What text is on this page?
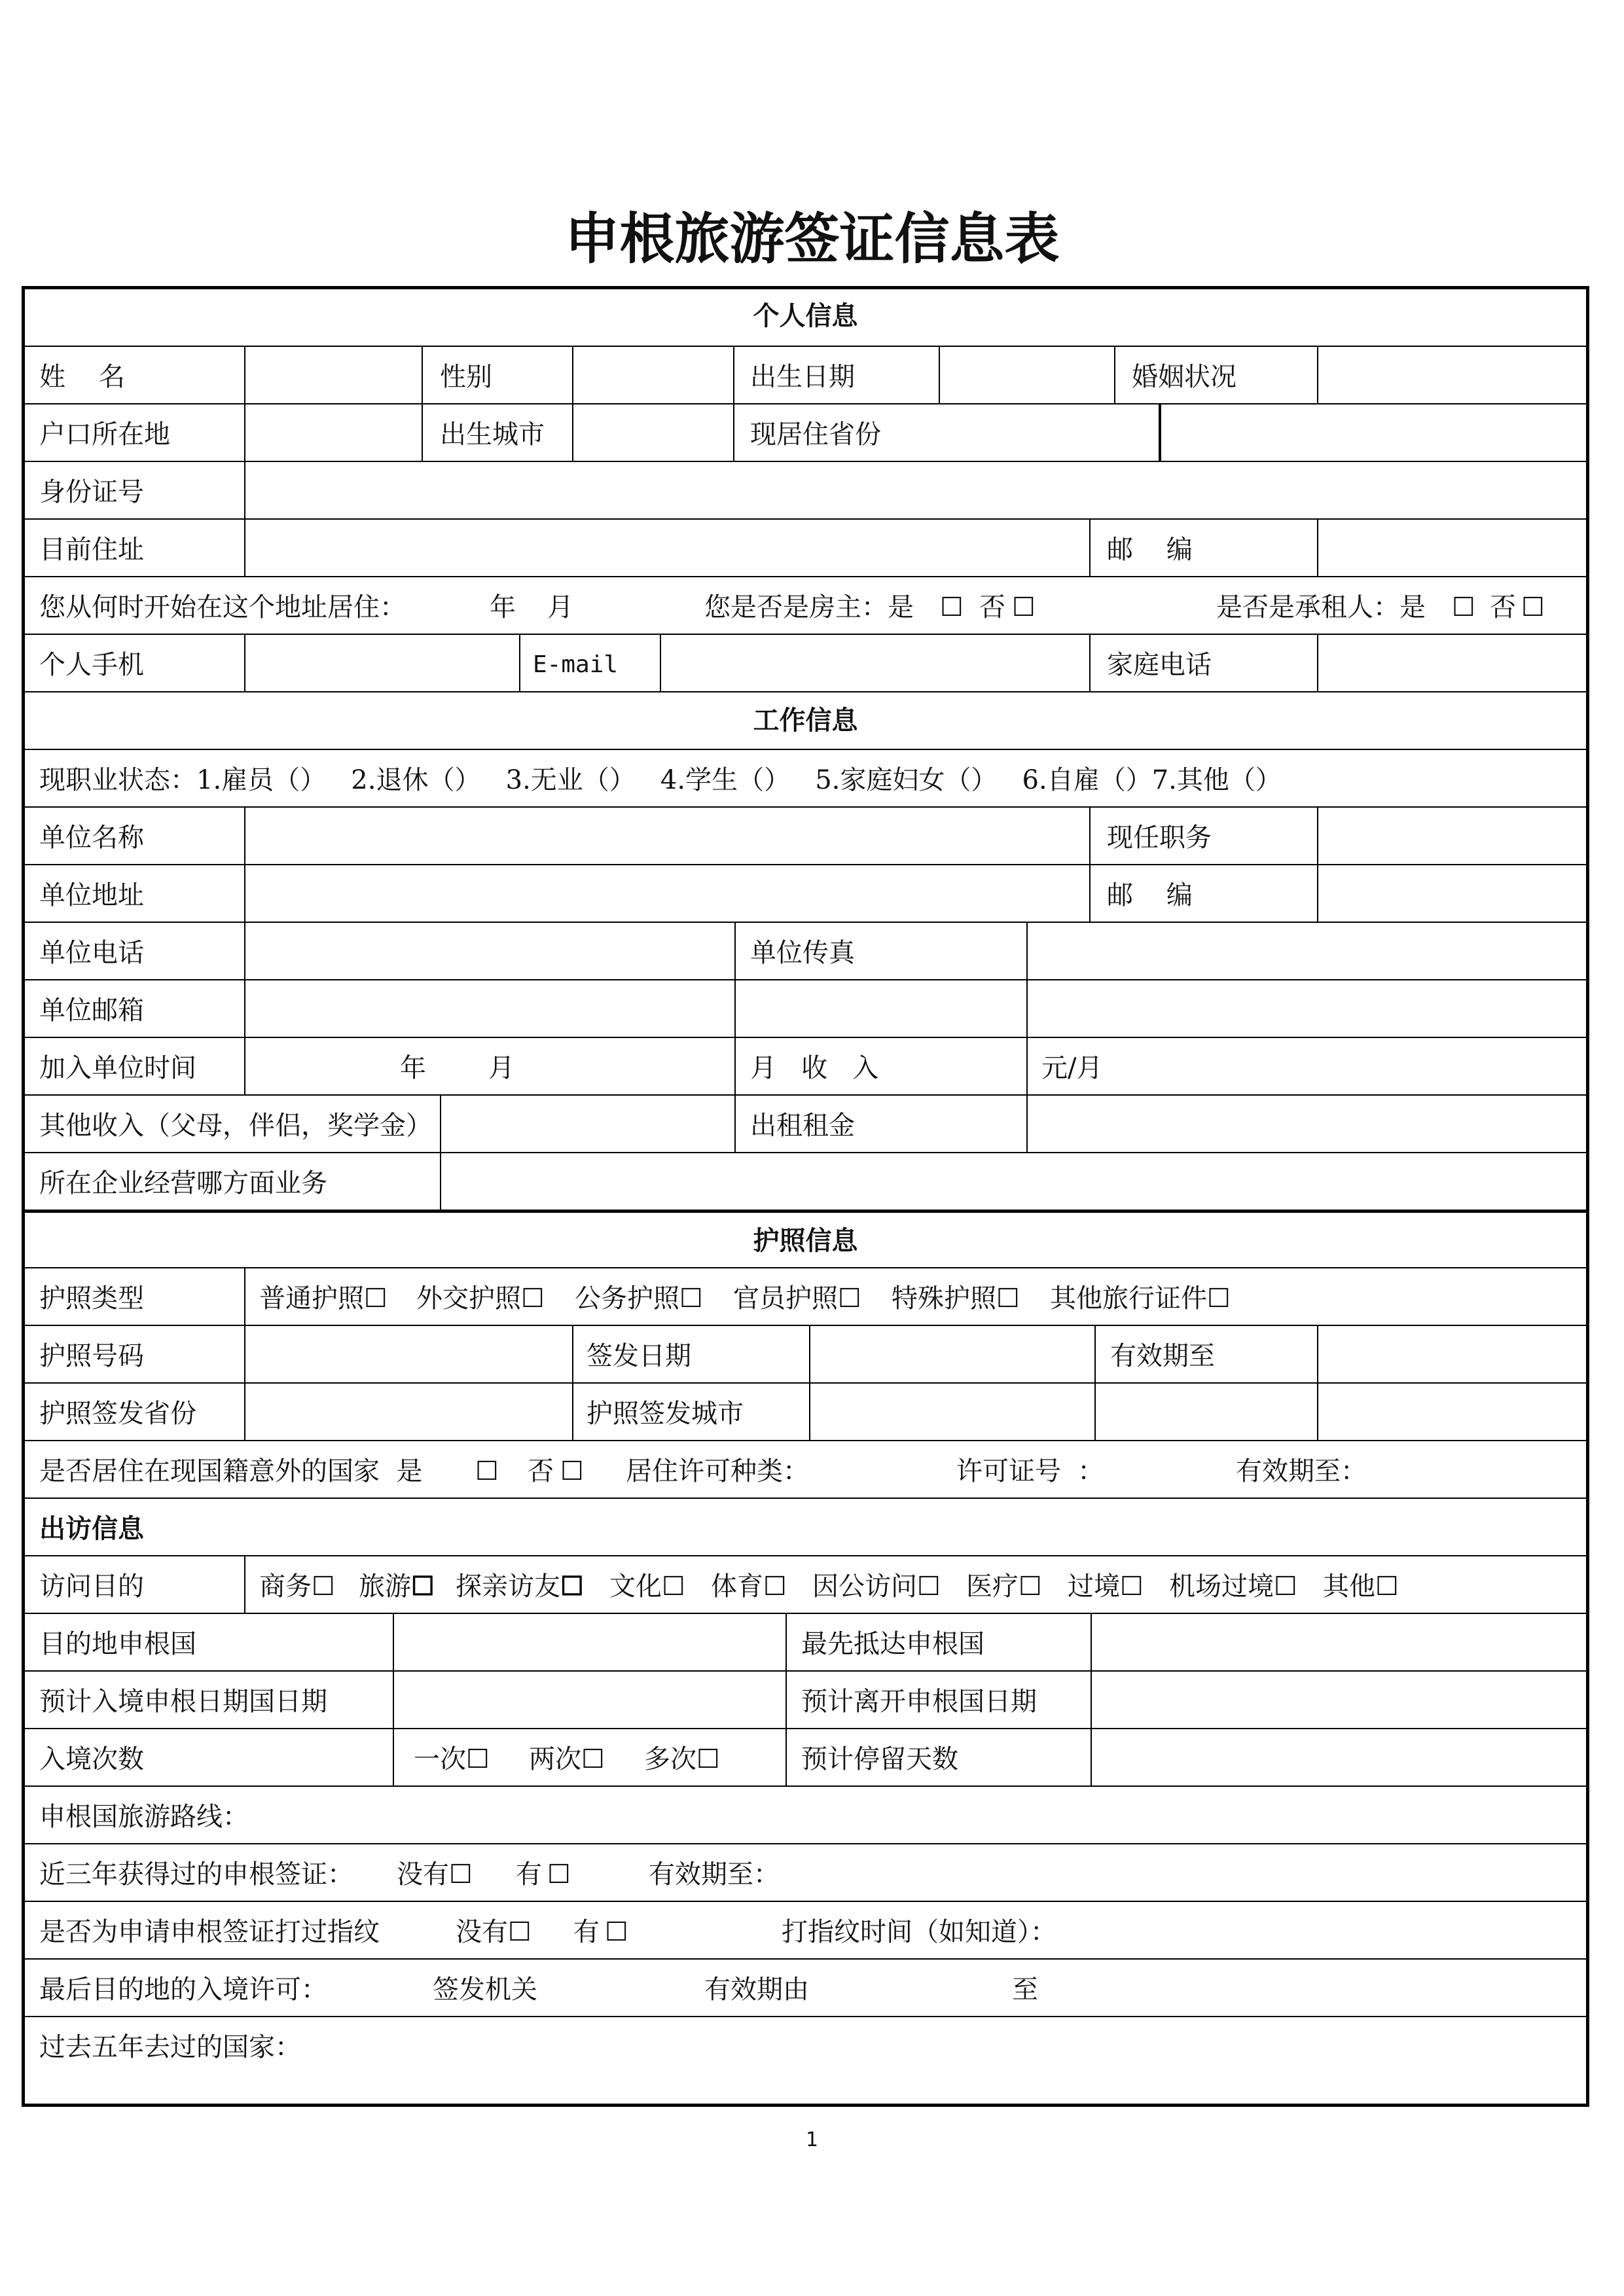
申根旅游签证信息表
个人信息
姓    名	性别	出生日期	婚姻状况
户口所在地	出生城市	现居住省份
身份证号
目前住址	邮    编
您从何时开始在这个地址居住：	年 月	您是否是房主：是 ☐ 否 ☐	是否是承租人：是 ☐ 否 ☐
个人手机	E-mail	家庭电话
工作信息
现职业状态：1.雇员（）   2.退休（）   3.无业（）   4.学生（）   5.家庭妇女（）   6.自雇（）7.其他（）
单位名称	现任职务
单位地址	邮    编
单位电话	单位传真
单位邮箱
加入单位时间	年 月	月   收   入	元/月
其他收入（父母，伴侣，奖学金）	出租租金
所在企业经营哪方面业务
护照信息
护照类型	普通护照 ☐ 外交护照 ☐ 公务护照 ☐ 官员护照 ☐ 特殊护照 ☐ 其他旅行证件 ☐
护照号码	签发日期	有效期至
护照签发省份	护照签发城市
是否居住在现国籍意外的国家  是 ☐ 否 ☐ 居住许可种类：	许可证号  ：	有效期至：
出访信息
访问目的	商务 ☐ 旅游 ☐ 探亲访友 ☐ 文化 ☐ 体育 ☐ 因公访问 ☐ 医疗 ☐ 过境 ☐ 机场过境 ☐ 其他 ☐
目的地申根国	最先抵达申根国
预计入境申根日期国日期	预计离开申根国日期
入境次数	一次 ☐ 两次 ☐ 多次 ☐	预计停留天数
申根国旅游路线：
近三年获得过的申根签证： 没有 ☐ 有 ☐	有效期至：
是否为申请申根签证打过指纹	没有 ☐ 有 ☐	打指纹时间（如知道）：
最后目的地的入境许可：	签发机关	有效期由	至
过去五年去过的国家：
1
